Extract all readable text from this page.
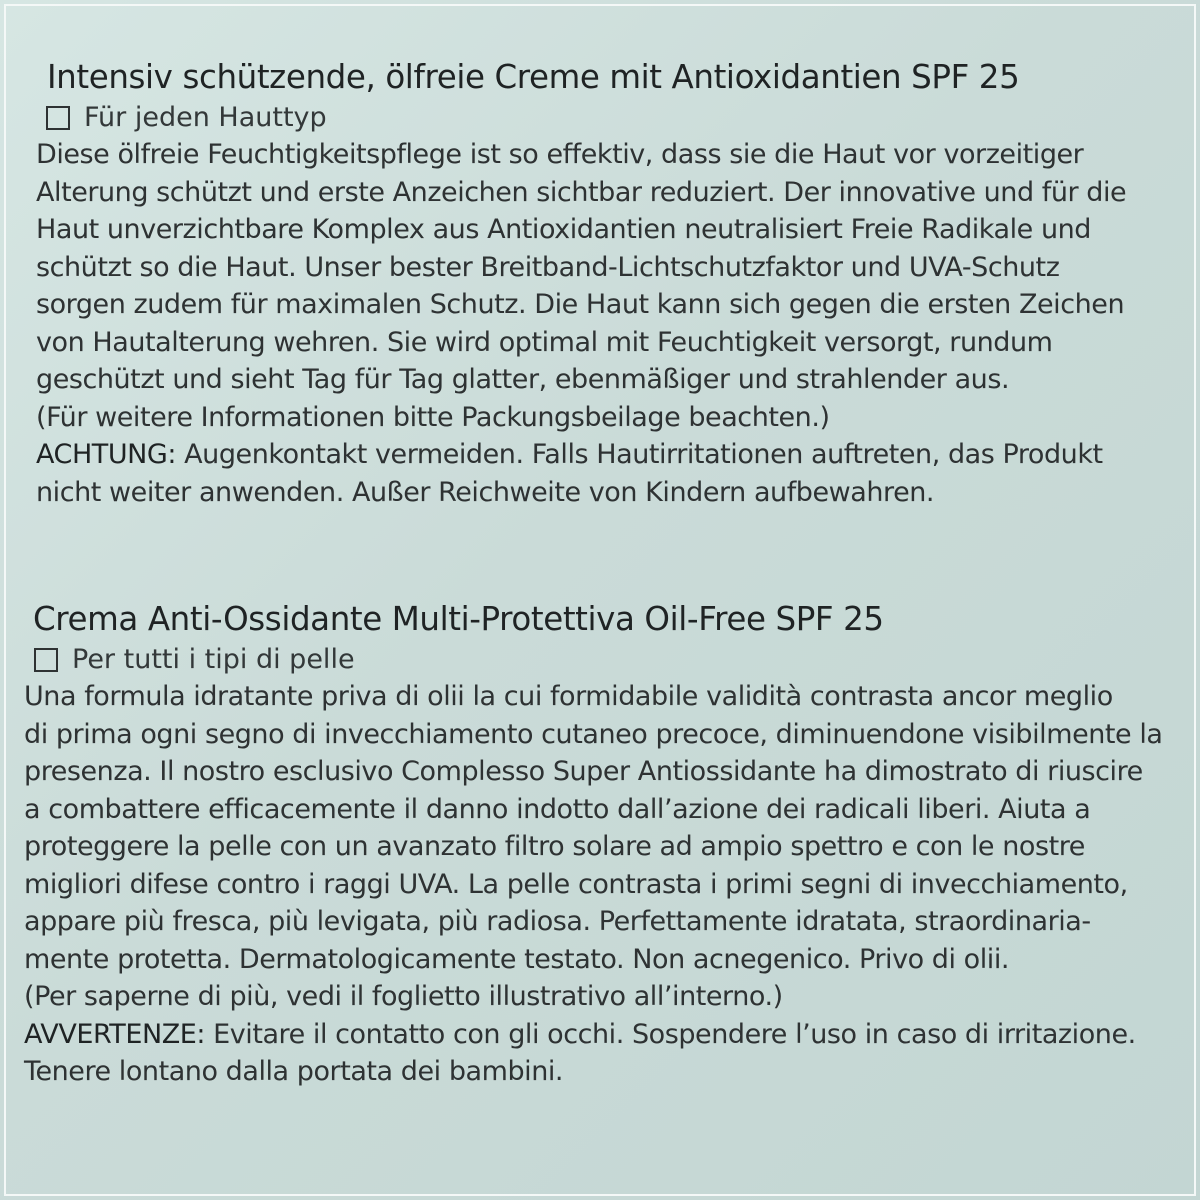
Intensiv schützende, ölfreie Creme mit Antioxidantien SPF 25
Für jeden Hauttyp
Diese ölfreie Feuchtigkeitspflege ist so effektiv, dass sie die Haut vor vorzeitiger
Alterung schützt und erste Anzeichen sichtbar reduziert. Der innovative und für die
Haut unverzichtbare Komplex aus Antioxidantien neutralisiert Freie Radikale und
schützt so die Haut. Unser bester Breitband-Lichtschutzfaktor und UVA-Schutz
sorgen zudem für maximalen Schutz. Die Haut kann sich gegen die ersten Zeichen
von Hautalterung wehren. Sie wird optimal mit Feuchtigkeit versorgt, rundum
geschützt und sieht Tag für Tag glatter, ebenmäßiger und strahlender aus.
(Für weitere Informationen bitte Packungsbeilage beachten.)
ACHTUNG: Augenkontakt vermeiden. Falls Hautirritationen auftreten, das Produkt
nicht weiter anwenden. Außer Reichweite von Kindern aufbewahren.
Crema Anti-Ossidante Multi-Protettiva Oil-Free SPF 25
Per tutti i tipi di pelle
Una formula idratante priva di olii la cui formidabile validità contrasta ancor meglio
di prima ogni segno di invecchiamento cutaneo precoce, diminuendone visibilmente la
presenza. Il nostro esclusivo Complesso Super Antiossidante ha dimostrato di riuscire
a combattere efficacemente il danno indotto dall’azione dei radicali liberi. Aiuta a
proteggere la pelle con un avanzato filtro solare ad ampio spettro e con le nostre
migliori difese contro i raggi UVA. La pelle contrasta i primi segni di invecchiamento,
appare più fresca, più levigata, più radiosa. Perfettamente idratata, straordinaria-
mente protetta. Dermatologicamente testato. Non acnegenico. Privo di olii.
(Per saperne di più, vedi il foglietto illustrativo all’interno.)
AVVERTENZE: Evitare il contatto con gli occhi. Sospendere l’uso in caso di irritazione.
Tenere lontano dalla portata dei bambini.
